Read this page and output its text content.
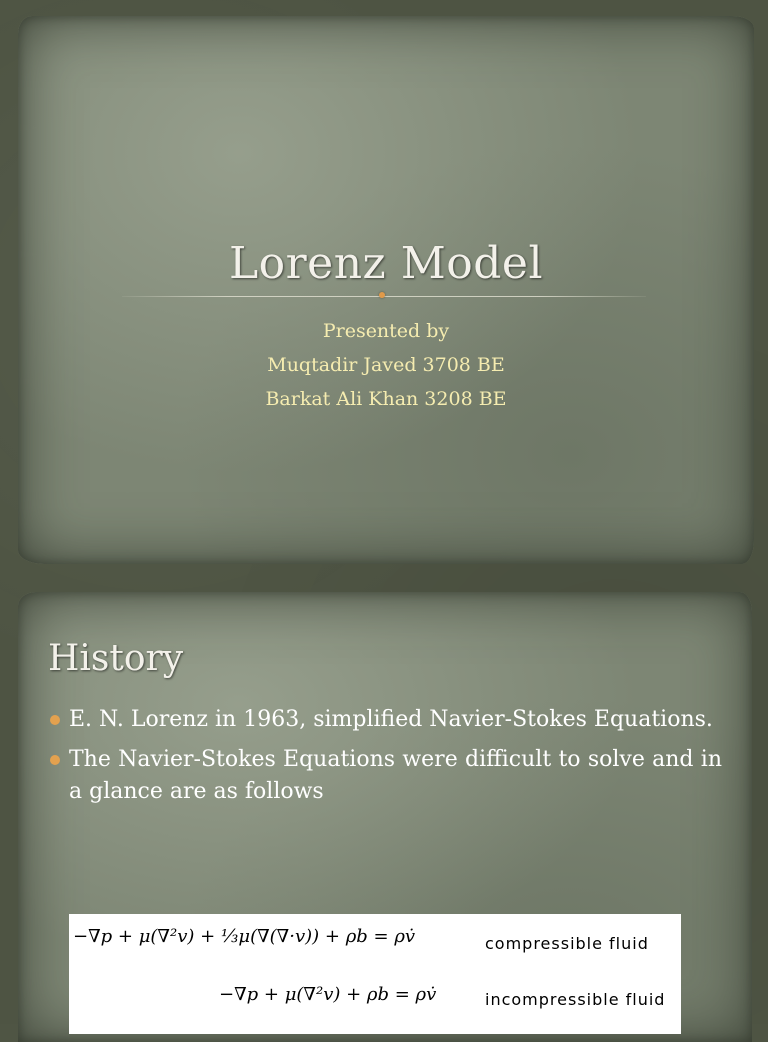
Lorenz Model
Presented by
Muqtadir Javed 3708 BE
Barkat Ali Khan 3208 BE
History
E. N. Lorenz in 1963, simplified Navier-Stokes Equations.
The Navier-Stokes Equations were difficult to solve and in a glance are as follows
−∇p + μ(∇²v) + ⅓μ(∇(∇·v)) + ρb = ρv̇	compressible fluid
−∇p + μ(∇²v) + ρb = ρv̇	incompressible fluid
